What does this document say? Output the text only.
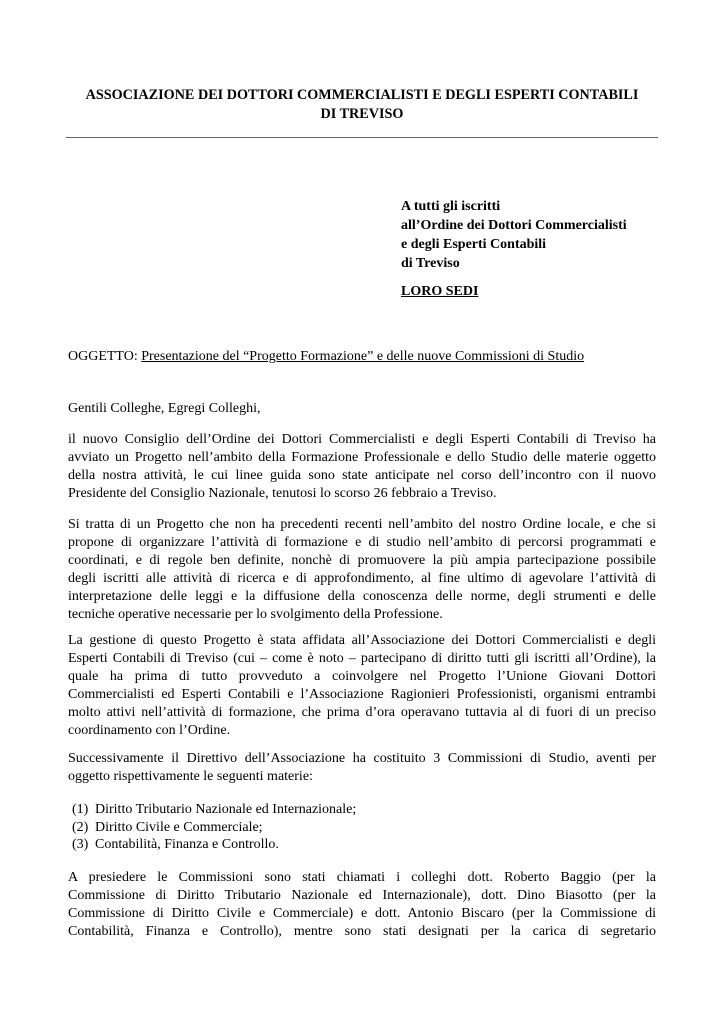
ASSOCIAZIONE DEI DOTTORI COMMERCIALISTI E DEGLI ESPERTI CONTABILI
DI TREVISO
A tutti gli iscritti
all’Ordine dei Dottori Commercialisti
e degli Esperti Contabili
di Treviso
LORO SEDI
OGGETTO: Presentazione del “Progetto Formazione” e delle nuove Commissioni di Studio
Gentili Colleghe, Egregi Colleghi,
il nuovo Consiglio dell’Ordine dei Dottori Commercialisti e degli Esperti Contabili di Treviso ha
avviato un Progetto nell’ambito della Formazione Professionale e dello Studio delle materie oggetto
della nostra attività, le cui linee guida sono state anticipate nel corso dell’incontro con il nuovo
Presidente del Consiglio Nazionale, tenutosi lo scorso 26 febbraio a Treviso.
Si tratta di un Progetto che non ha precedenti recenti nell’ambito del nostro Ordine locale, e che si
propone di organizzare l’attività di formazione e di studio nell’ambito di percorsi programmati e
coordinati, e di regole ben definite, nonchè di promuovere la più ampia partecipazione possibile
degli iscritti alle attività di ricerca e di approfondimento, al fine ultimo di agevolare l’attività di
interpretazione delle leggi e la diffusione della conoscenza delle norme, degli strumenti e delle
tecniche operative necessarie per lo svolgimento della Professione.
La gestione di questo Progetto è stata affidata all’Associazione dei Dottori Commercialisti e degli
Esperti Contabili di Treviso (cui – come è noto – partecipano di diritto tutti gli iscritti all’Ordine), la
quale ha prima di tutto provveduto a coinvolgere nel Progetto l’Unione Giovani Dottori
Commercialisti ed Esperti Contabili e l’Associazione Ragionieri Professionisti, organismi entrambi
molto attivi nell’attività di formazione, che prima d’ora operavano tuttavia al di fuori di un preciso
coordinamento con l’Ordine.
Successivamente il Direttivo dell’Associazione ha costituito 3 Commissioni di Studio, aventi per
oggetto rispettivamente le seguenti materie:
(1) Diritto Tributario Nazionale ed Internazionale;
(2) Diritto Civile e Commerciale;
(3) Contabilità, Finanza e Controllo.
A presiedere le Commissioni sono stati chiamati i colleghi dott. Roberto Baggio (per la
Commissione di Diritto Tributario Nazionale ed Internazionale), dott. Dino Biasotto (per la
Commissione di Diritto Civile e Commerciale) e dott. Antonio Biscaro (per la Commissione di
Contabilità, Finanza e Controllo), mentre sono stati designati per la carica di segretario
